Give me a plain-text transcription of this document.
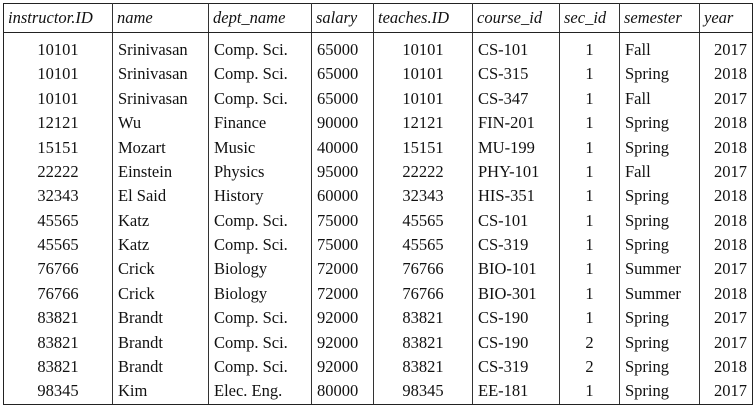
instructor.ID	name	dept_name	salary	teaches.ID	course_id	sec_id	semester	year

10101	Srinivasan	Comp. Sci.	65000	10101	CS-101	1	Fall	2017
10101	Srinivasan	Comp. Sci.	65000	10101	CS-315	1	Spring	2018
10101	Srinivasan	Comp. Sci.	65000	10101	CS-347	1	Fall	2017
12121	Wu	Finance	90000	12121	FIN-201	1	Spring	2018
15151	Mozart	Music	40000	15151	MU-199	1	Spring	2018
22222	Einstein	Physics	95000	22222	PHY-101	1	Fall	2017
32343	El Said	History	60000	32343	HIS-351	1	Spring	2018
45565	Katz	Comp. Sci.	75000	45565	CS-101	1	Spring	2018
45565	Katz	Comp. Sci.	75000	45565	CS-319	1	Spring	2018
76766	Crick	Biology	72000	76766	BIO-101	1	Summer	2017
76766	Crick	Biology	72000	76766	BIO-301	1	Summer	2018
83821	Brandt	Comp. Sci.	92000	83821	CS-190	1	Spring	2017
83821	Brandt	Comp. Sci.	92000	83821	CS-190	2	Spring	2017
83821	Brandt	Comp. Sci.	92000	83821	CS-319	2	Spring	2018
98345	Kim	Elec. Eng.	80000	98345	EE-181	1	Spring	2017
